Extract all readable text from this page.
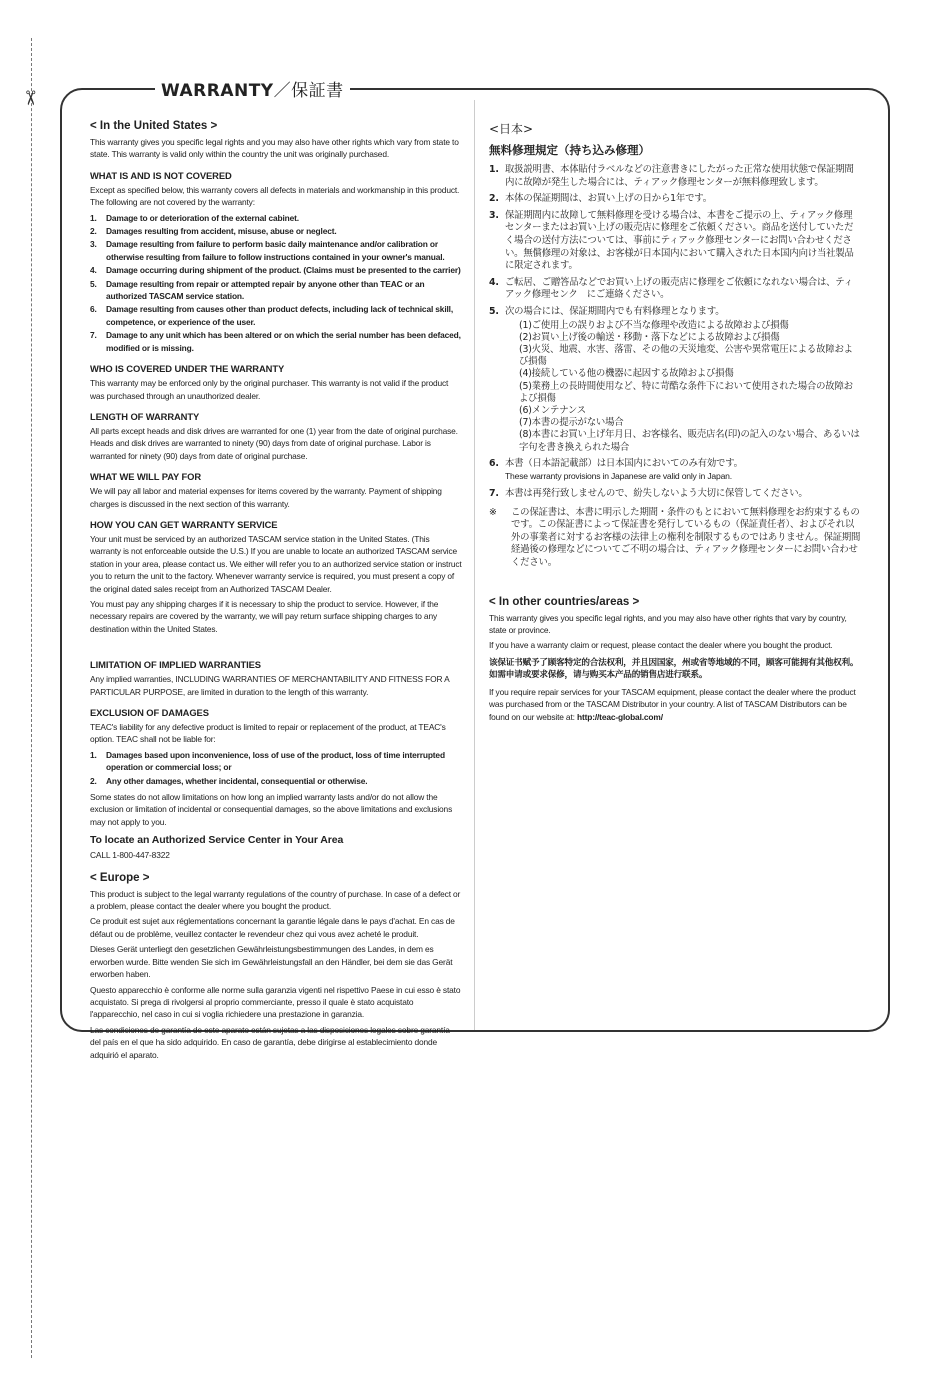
✂	WARRANTY／保証書
< In the United States >
This warranty gives you specific legal rights and you may also have other rights which vary from state to state. This warranty is valid only within the country the unit was originally purchased.
WHAT IS AND IS NOT COVERED
Except as specified below, this warranty covers all defects in materials and workmanship in this product. The following are not covered by the warranty:
1. Damage to or deterioration of the external cabinet.
2. Damages resulting from accident, misuse, abuse or neglect.
3. Damage resulting from failure to perform basic daily maintenance and/or calibration or otherwise resulting from failure to follow instructions contained in your owner's manual.
4. Damage occurring during shipment of the product. (Claims must be presented to the carrier)
5. Damage resulting from repair or attempted repair by anyone other than TEAC or an authorized TASCAM service station.
6. Damage resulting from causes other than product defects, including lack of technical skill, competence, or experience of the user.
7. Damage to any unit which has been altered or on which the serial number has been defaced, modified or is missing.
WHO IS COVERED UNDER THE WARRANTY
This warranty may be enforced only by the original purchaser. This warranty is not valid if the product was purchased through an unauthorized dealer.
LENGTH OF WARRANTY
All parts except heads and disk drives are warranted for one (1) year from the date of original purchase. Heads and disk drives are warranted to ninety (90) days from date of original purchase. Labor is warranted for ninety (90) days from date of original purchase.
WHAT WE WILL PAY FOR
We will pay all labor and material expenses for items covered by the warranty. Payment of shipping charges is discussed in the next section of this warranty.
HOW YOU CAN GET WARRANTY SERVICE
Your unit must be serviced by an authorized TASCAM service station in the United States. (This warranty is not enforceable outside the U.S.) If you are unable to locate an authorized TASCAM service station in your area, please contact us. We either will refer you to an authorized service station or instruct you to return the unit to the factory. Whenever warranty service is required, you must present a copy of the original dated sales receipt from an Authorized TASCAM Dealer.
You must pay any shipping charges if it is necessary to ship the product to service. However, if the necessary repairs are covered by the warranty, we will pay return surface shipping charges to any destination within the United States.
LIMITATION OF IMPLIED WARRANTIES
Any implied warranties, INCLUDING WARRANTIES OF MERCHANTABILITY AND FITNESS FOR A PARTICULAR PURPOSE, are limited in duration to the length of this warranty.
EXCLUSION OF DAMAGES
TEAC's liability for any defective product is limited to repair or replacement of the product, at TEAC's option. TEAC shall not be liable for:
1. Damages based upon inconvenience, loss of use of the product, loss of time interrupted operation or commercial loss; or
2. Any other damages, whether incidental, consequential or otherwise.
Some states do not allow limitations on how long an implied warranty lasts and/or do not allow the exclusion or limitation of incidental or consequential damages, so the above limitations and exclusions may not apply to you.
To locate an Authorized Service Center in Your Area
CALL 1-800-447-8322
< Europe >
This product is subject to the legal warranty regulations of the country of purchase. In case of a defect or a problem, please contact the dealer where you bought the product.
Ce produit est sujet aux réglementations concernant la garantie légale dans le pays d'achat. En cas de défaut ou de problème, veuillez contacter le revendeur chez qui vous avez acheté le produit.
Dieses Gerät unterliegt den gesetzlichen Gewährleistungsbestimmungen des Landes, in dem es erworben wurde. Bitte wenden Sie sich im Gewährleistungsfall an den Händler, bei dem sie das Gerät erworben haben.
Questo apparecchio è conforme alle norme sulla garanzia vigenti nel rispettivo Paese in cui esso è stato acquistato. Si prega di rivolgersi al proprio commerciante, presso il quale è stato acquistato l'apparecchio, nel caso in cui si voglia richiedere una prestazione in garanzia.
Las condiciones de garantía de este aparato están sujetas a las disposiciones legales sobre garantía del país en el que ha sido adquirido. En caso de garantía, debe dirigirse al establecimiento donde adquirió el aparato.
<日本>
無料修理規定（持ち込み修理）
1. 取扱説明書、本体貼付ラベルなどの注意書きにしたがった正常な使用状態で保証期間内に故障が発生した場合には、ティアック修理センターが無料修理致します。
2. 本体の保証期間は、お買い上げの日から1年です。
3. 保証期間内に故障して無料修理を受ける場合は、本書をご提示の上、ティアック修理センターまたはお買い上げの販売店に修理をご依頼ください。商品を送付していただく場合の送付方法については、事前にティアック修理センターにお問い合わせください。無償修理の対象は、お客様が日本国内において購入された日本国内向け当社製品に限定されます。
4. ご転居、ご贈答品などでお買い上げの販売店に修理をご依頼になれない場合は、ティアック修理センク　にご連絡ください。
5. 次の場合には、保証期間内でも有料修理となります。
(1)ご使用上の誤りおよび不当な修理や改造による故障および損傷
(2)お買い上げ後の輸送・移動・落下などによる故障および損傷
(3)火災、地震、水害、落雷、その他の天災地変、公害や異常電圧による故障および損傷
(4)接続している他の機器に起因する故障および損傷
(5)業務上の長時間使用など、特に苛酷な条件下において使用された場合の故障および損傷
(6)メンテナンス
(7)本書の提示がない場合
(8)本書にお買い上げ年月日、お客様名、販売店名(印)の記入のない場合、あるいは字句を書き換えられた場合
6. 本書（日本語記載部）は日本国内においてのみ有効です。
These warranty provisions in Japanese are valid only in Japan.
7. 本書は再発行致しませんので、紛失しないよう大切に保管してください。
※ この保証書は、本書に明示した期間・条件のもとにおいて無料修理をお約束するものです。この保証書によって保証書を発行しているもの（保証責任者）、およびそれ以外の事業者に対するお客様の法律上の権利を制限するものではありません。保証期間経過後の修理などについてご不明の場合は、ティアック修理センターにお問い合わせください。
< In other countries/areas >
This warranty gives you specific legal rights, and you may also have other rights that vary by country, state or province.
If you have a warranty claim or request, please contact the dealer where you bought the product.
该保证书赋予了顾客特定的合法权利，并且因国家，州或省等地域的不同，顾客可能拥有其他权利。如需申请或要求保修，请与购买本产品的销售店进行联系。
If you require repair services for your TASCAM equipment, please contact the dealer where the product was purchased from or the TASCAM Distributor in your country. A list of TASCAM Distributors can be found on our website at: http://teac-global.com/
